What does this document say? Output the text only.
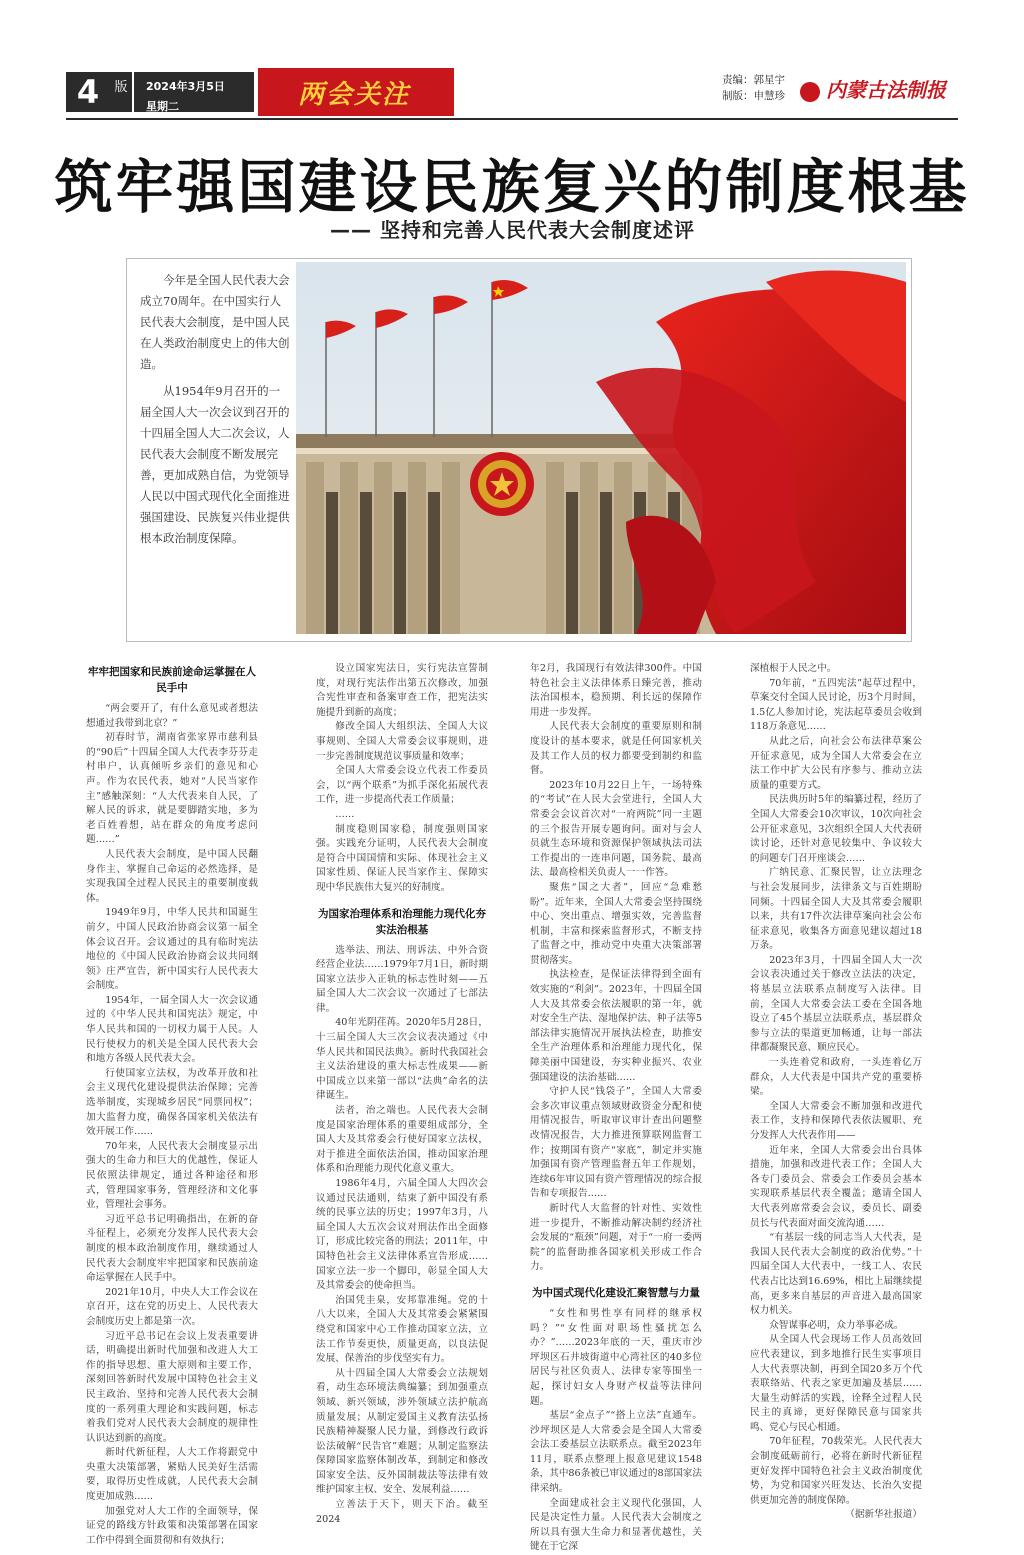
4	版	2024年3月5日
星期二	两会关注	责编：郭星宇
制版：申慧珍	内蒙古法制报
筑牢强国建设民族复兴的制度根基
—— 坚持和完善人民代表大会制度述评

今年是全国人民代表大会成立70周年。在中国实行人民代表大会制度，是中国人民在人类政治制度史上的伟大创造。

从1954年9月召开的一届全国人大一次会议到召开的十四届全国人大二次会议，人民代表大会制度不断发展完善，更加成熟自信，为党领导人民以中国式现代化全面推进强国建设、民族复兴伟业提供根本政治制度保障。

牢牢把国家和民族前途命运掌握在人民手中

“两会要开了，有什么意见或者想法想通过我带到北京？”

初春时节，湖南省张家界市慈利县的“90后”十四届全国人大代表李芬芬走村串户，认真倾听乡亲们的意见和心声。作为农民代表，她对“人民当家作主”感触深刻：“人大代表来自人民，了解人民的诉求，就是要脚踏实地，多为老百姓着想，站在群众的角度考虑问题……”

人民代表大会制度，是中国人民翻身作主、掌握自己命运的必然选择，是实现我国全过程人民民主的重要制度载体。

1949年9月，中华人民共和国诞生前夕，中国人民政治协商会议第一届全体会议召开。会议通过的具有临时宪法地位的《中国人民政治协商会议共同纲领》庄严宣告，新中国实行人民代表大会制度。

1954年，一届全国人大一次会议通过的《中华人民共和国宪法》规定，中华人民共和国的一切权力属于人民。人民行使权力的机关是全国人民代表大会和地方各级人民代表大会。

行使国家立法权，为改革开放和社会主义现代化建设提供法治保障；完善选举制度，实现城乡居民“同票同权”；加大监督力度，确保各国家机关依法有效开展工作……

70年来，人民代表大会制度显示出强大的生命力和巨大的优越性，保证人民依照法律规定，通过各种途径和形式，管理国家事务，管理经济和文化事业，管理社会事务。

习近平总书记明确指出，在新的奋斗征程上，必须充分发挥人民代表大会制度的根本政治制度作用，继续通过人民代表大会制度牢牢把国家和民族前途命运掌握在人民手中。

2021年10月，中央人大工作会议在京召开，这在党的历史上、人民代表大会制度历史上都是第一次。

习近平总书记在会议上发表重要讲话，明确提出新时代加强和改进人大工作的指导思想、重大原则和主要工作，深刻回答新时代发展中国特色社会主义民主政治、坚持和完善人民代表大会制度的一系列重大理论和实践问题，标志着我们党对人民代表大会制度的规律性认识达到新的高度。

新时代新征程，人大工作将跟党中央重大决策部署，紧贴人民美好生活需要，取得历史性成就，人民代表大会制度更加成熟……

加强党对人大工作的全面领导，保证党的路线方针政策和决策部署在国家工作中得到全面贯彻和有效执行；

设立国家宪法日，实行宪法宣誓制度，对现行宪法作出第五次修改，加强合宪性审查和备案审查工作，把宪法实施提升到新的高度；

修改全国人大组织法、全国人大议事规则、全国人大常委会议事规则，进一步完善制度规范议事质量和效率；

全国人大常委会设立代表工作委员会，以“两个联系”为抓手深化拓展代表工作，进一步提高代表工作质量；

……

制度稳则国家稳，制度强则国家强。实践充分证明，人民代表大会制度是符合中国国情和实际、体现社会主义国家性质、保证人民当家作主、保障实现中华民族伟大复兴的好制度。

为国家治理体系和治理能力现代化夯实法治根基

选举法、刑法、刑诉法、中外合资经营企业法……1979年7月1日，新时期国家立法步入正轨的标志性时刻——五届全国人大二次会议一次通过了七部法律。

40年光阴荏苒。2020年5月28日，十三届全国人大三次会议表决通过《中华人民共和国民法典》。新时代我国社会主义法治建设的重大标志性成果——新中国成立以来第一部以“法典”命名的法律诞生。

法者，治之端也。人民代表大会制度是国家治理体系的重要组成部分，全国人大及其常委会行使好国家立法权，对于推进全面依法治国，推动国家治理体系和治理能力现代化意义重大。

1986年4月，六届全国人大四次会议通过民法通则，结束了新中国没有系统的民事立法的历史；1997年3月，八届全国人大五次会议对刑法作出全面修订，形成比较完备的刑法；2011年，中国特色社会主义法律体系宣告形成……国家立法一步一个脚印，彰显全国人大及其常委会的使命担当。

治国凭圭臬，安邦靠准绳。党的十八大以来，全国人大及其常委会紧紧围绕党和国家中心工作推动国家立法，立法工作节奏更快，质量更高，以良法促发展、保善治的步伐坚实有力。

从十四届全国人大常委会立法规划看，动生态环境法典编纂；到加强重点领域、新兴领域，涉外领域立法护航高质量发展；从制定爱国主义教育法弘扬民族精神凝聚人民力量，到修改行政诉讼法破解“民告官”难题；从制定监察法保障国家监察体制改革，到制定和修改国家安全法、反外国制裁法等法律有效维护国家主权、安全、发展利益……

立善法于天下，则天下治。截至2024

年2月，我国现行有效法律300件。中国特色社会主义法律体系日臻完善，推动法治国根本，稳预期、利长远的保障作用进一步发挥。

人民代表大会制度的重要原则和制度设计的基本要求，就是任何国家机关及其工作人员的权力都要受到制约和监督。

2023年10月22日上午，一场特殊的“考试”在人民大会堂进行，全国人大常委会会议首次对“一府两院”同一主题的三个报告开展专题询问。面对与会人员就生态环境和资源保护领域执法司法工作提出的一连串问题，国务院、最高法、最高检相关负责人一一作答。

聚焦“国之大者”，回应“急难愁盼”。近年来，全国人大常委会坚持围绕中心、突出重点、增强实效，完善监督机制，丰富和探索监督形式，不断支持了监督之中，推动党中央重大决策部署贯彻落实。

执法检查，是保证法律得到全面有效实施的“利剑”。2023年，十四届全国人大及其常委会依法履职的第一年，就对安全生产法、湿地保护法、种子法等5部法律实施情况开展执法检查，助推安全生产治理体系和治理能力现代化，保障美丽中国建设，夯实种业振兴、农业强国建设的法治基础……

守护人民“钱袋子”，全国人大常委会多次审议重点领域财政资金分配和使用情况报告，听取审议审计查出问题整改情况报告，大力推进预算联网监督工作；按期国有资产“家底”，制定并实施加强国有资产管理监督五年工作规划，连续6年审议国有资产管理情况的综合报告和专项报告……

新时代人大监督的针对性、实效性进一步提升，不断推动解决制约经济社会发展的“瓶颈”问题，对于“一府一委两院”的监督助推各国家机关形成工作合力。

为中国式现代化建设汇聚智慧与力量

“女性和男性享有同样的继承权吗？”“女性面对职场性骚扰怎么办？”……2023年底的一天，重庆市沙坪坝区石井坡街道中心湾社区的40多位居民与社区负责人、法律专家等围坐一起，探讨妇女人身财产权益等法律问题。

基层“金点子”“搭上立法”直通车。沙坪坝区是人大常委会是全国人大常委会法工委基层立法联系点。截至2023年11月，联系点整理上报意见建议1548条，其中86条被已审议通过的8部国家法律采纳。

全面建成社会主义现代化强国，人民是决定性力量。人民代表大会制度之所以具有强大生命力和显著优越性，关键在于它深

深植根于人民之中。

70年前，“五四宪法”起草过程中，草案交付全国人民讨论，历3个月时间，1.5亿人参加讨论，宪法起草委员会收到118万条意见……

从此之后，向社会公布法律草案公开征求意见，成为全国人大常委会在立法工作中扩大公民有序参与、推动立法质量的重要方式。

民法典历时5年的编纂过程，经历了全国人大常委会10次审议，10次向社会公开征求意见，3次组织全国人大代表研读讨论，还针对意见较集中、争议较大的问题专门召开座谈会……

广纳民意、汇聚民智，让立法理念与社会发展同步，法律条文与百姓期盼同频。十四届全国人大及其常委会履职以来，共有17件次法律草案向社会公布征求意见，收集各方面意见建议超过18万条。

2023年3月，十四届全国人大一次会议表决通过关于修改立法法的决定，将基层立法联系点制度写入法律。目前，全国人大常委会法工委在全国各地设立了45个基层立法联系点，基层群众参与立法的渠道更加畅通，让每一部法律都凝聚民意、顺应民心。

一头连着党和政府，一头连着亿万群众，人大代表是中国共产党的重要桥梁。

全国人大常委会不断加强和改进代表工作，支持和保障代表依法履职、充分发挥人大代表作用——

近年来，全国人大常委会出台具体措施，加强和改进代表工作；全国人大各专门委员会、常委会工作委员会基本实现联系基层代表全覆盖；邀请全国人大代表列席常委会会议，委员长、副委员长与代表面对面交流沟通……

“有基层一线的同志当人大代表，是我国人民代表大会制度的政治优势。”十四届全国人大代表中，一线工人、农民代表占比达到16.69%，相比上届继续提高，更多来自基层的声音进入最高国家权力机关。

众智谋事必明，众力举事必成。

从全国人代会现场工作人员高效回应代表建议，到多地推行民生实事项目人大代表票决制，再到全国20多万个代表联络站、代表之家更加遍及基层……大量生动鲜活的实践，诠释全过程人民民主的真谛，更好保障民意与国家共鸣、党心与民心相通。

70年征程，70载荣光。人民代表大会制度砥砺前行，必将在新时代新征程更好发挥中国特色社会主义政治制度优势，为党和国家兴旺发达、长治久安提供更加完善的制度保障。

（据新华社报道）
